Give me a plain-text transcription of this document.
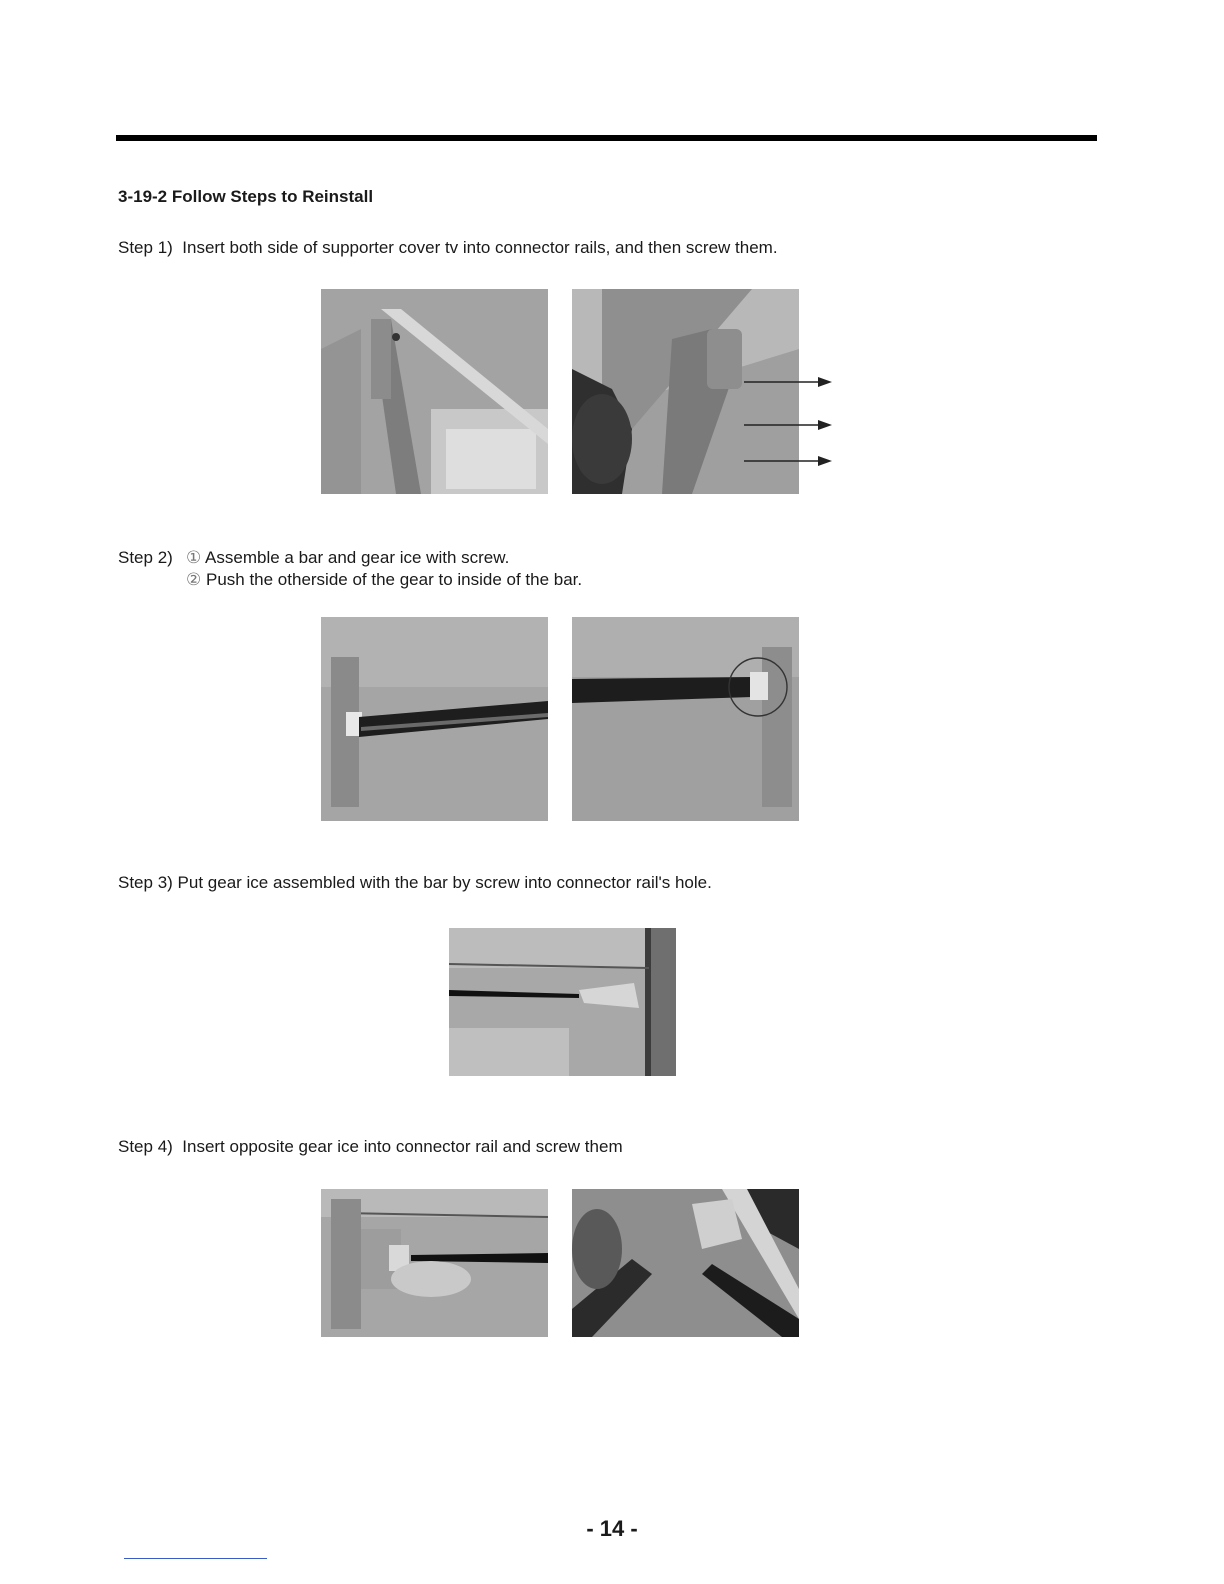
3-19-2 Follow Steps to Reinstall

Step 1) Insert both side of supporter cover tv into connector rails, and then screw them.

Step 2) ① Assemble a bar and gear ice with screw.
② Push the otherside of the gear to inside of the bar.

Step 3) Put gear ice assembled with the bar by screw into connector rail's hole.

Step 4) Insert opposite gear ice into connector rail and screw them

- 14 -
